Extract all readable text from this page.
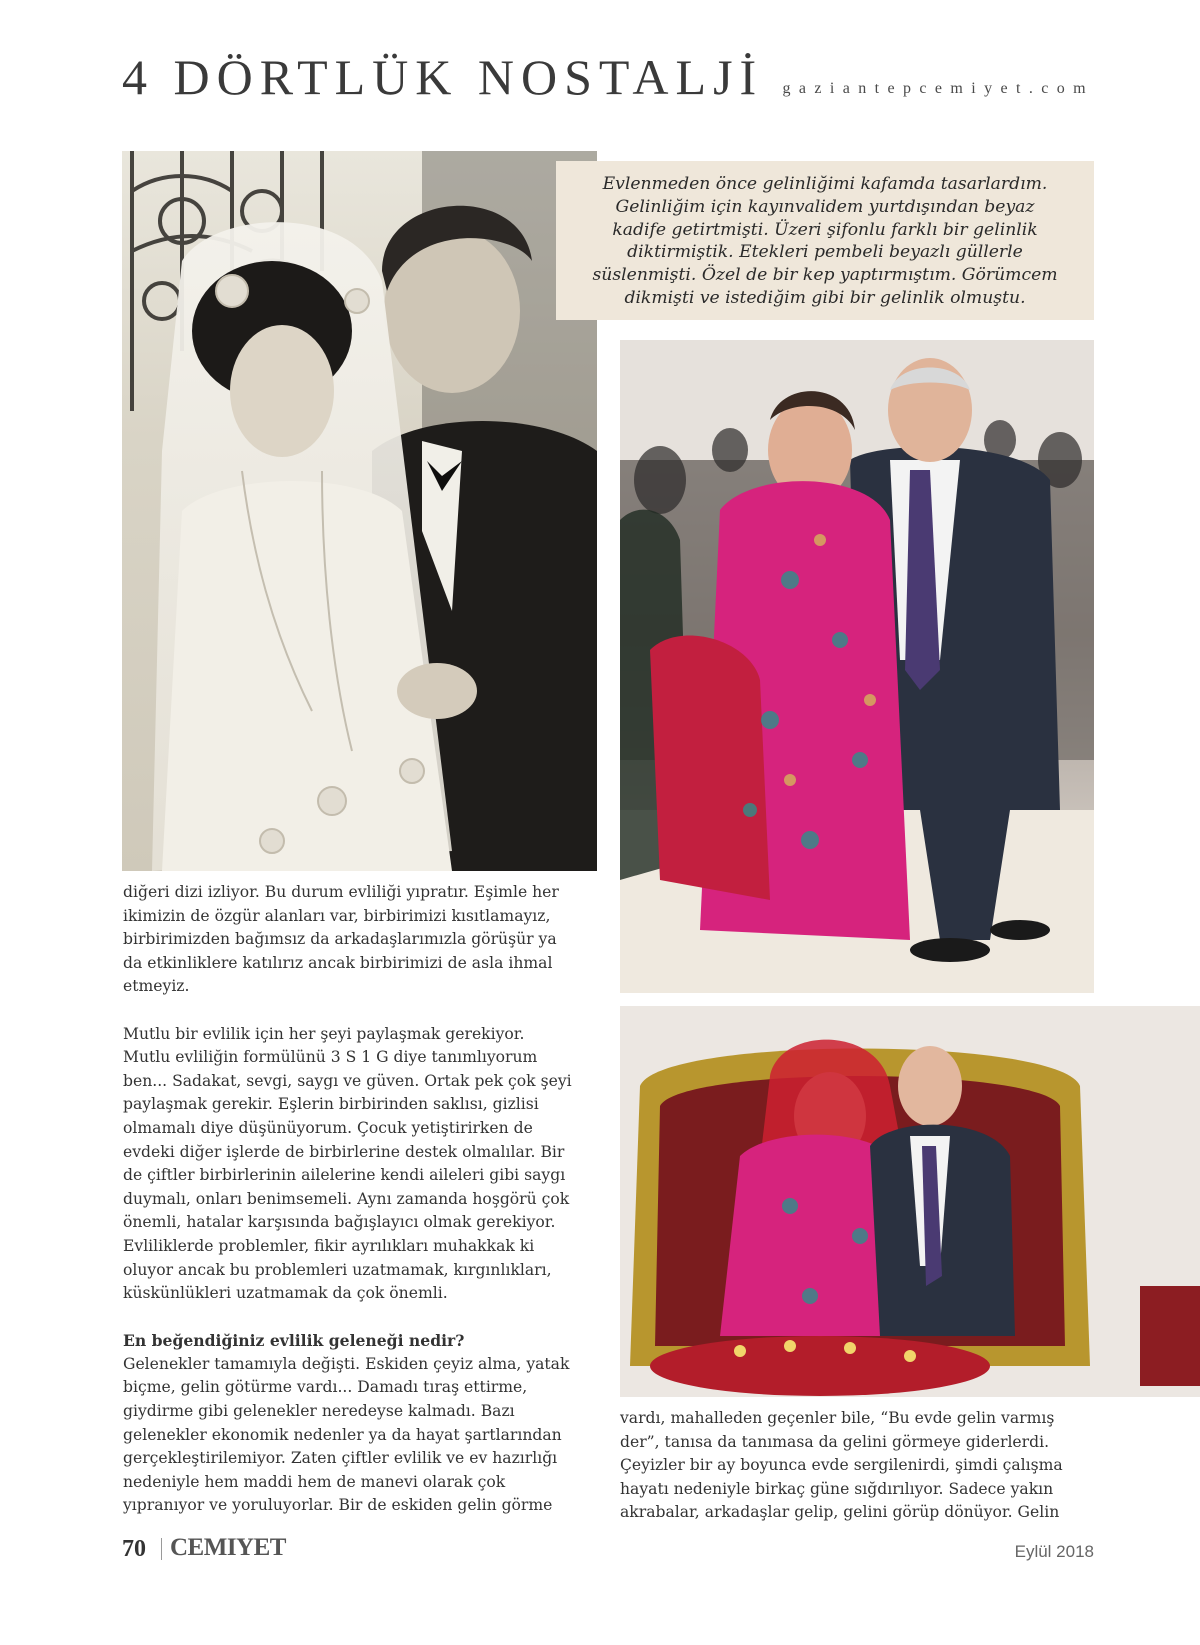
4 DÖRTLÜK NOSTALJİ	gaziantepcemiyet.com
Evlenmeden önce gelinliğimi kafamda tasarlardım.
Gelinliğim için kayınvalidem yurtdışından beyaz
kadife getirtmişti. Üzeri şifonlu farklı bir gelinlik
diktirmiştik. Etekleri pembeli beyazlı güllerle
süslenmişti. Özel de bir kep yaptırmıştım. Görümcem
dikmişti ve istediğim gibi bir gelinlik olmuştu.

diğeri dizi izliyor. Bu durum evliliği yıpratır. Eşimle her
ikimizin de özgür alanları var, birbirimizi kısıtlamayız,
birbirimizden bağımsız da arkadaşlarımızla görüşür ya
da etkinliklere katılırız ancak birbirimizi de asla ihmal
etmeyiz.

Mutlu bir evlilik için her şeyi paylaşmak gerekiyor.
Mutlu evliliğin formülünü 3 S 1 G diye tanımlıyorum
ben... Sadakat, sevgi, saygı ve güven. Ortak pek çok şeyi
paylaşmak gerekir. Eşlerin birbirinden saklısı, gizlisi
olmamalı diye düşünüyorum. Çocuk yetiştirirken de
evdeki diğer işlerde de birbirlerine destek olmalılar. Bir
de çiftler birbirlerinin ailelerine kendi aileleri gibi saygı
duymalı, onları benimsemeli. Aynı zamanda hoşgörü çok
önemli, hatalar karşısında bağışlayıcı olmak gerekiyor.
Evliliklerde problemler, fikir ayrılıkları muhakkak ki
oluyor ancak bu problemleri uzatmamak, kırgınlıkları,
küskünlükleri uzatmamak da çok önemli.

En beğendiğiniz evlilik geleneği nedir?
Gelenekler tamamıyla değişti. Eskiden çeyiz alma, yatak
biçme, gelin götürme vardı... Damadı tıraş ettirme,
giydirme gibi gelenekler neredeyse kalmadı. Bazı
gelenekler ekonomik nedenler ya da hayat şartlarından
gerçekleştirilemiyor. Zaten çiftler evlilik ve ev hazırlığı
nedeniyle hem maddi hem de manevi olarak çok
yıpranıyor ve yoruluyorlar. Bir de eskiden gelin görme

vardı, mahalleden geçenler bile, “Bu evde gelin varmış
der”, tanısa da tanımasa da gelini görmeye giderlerdi.
Çeyizler bir ay boyunca evde sergilenirdi, şimdi çalışma
hayatı nedeniyle birkaç güne sığdırılıyor. Sadece yakın
akrabalar, arkadaşlar gelip, gelini görüp dönüyor. Gelin

70 CEMIYET	Eylül 2018
